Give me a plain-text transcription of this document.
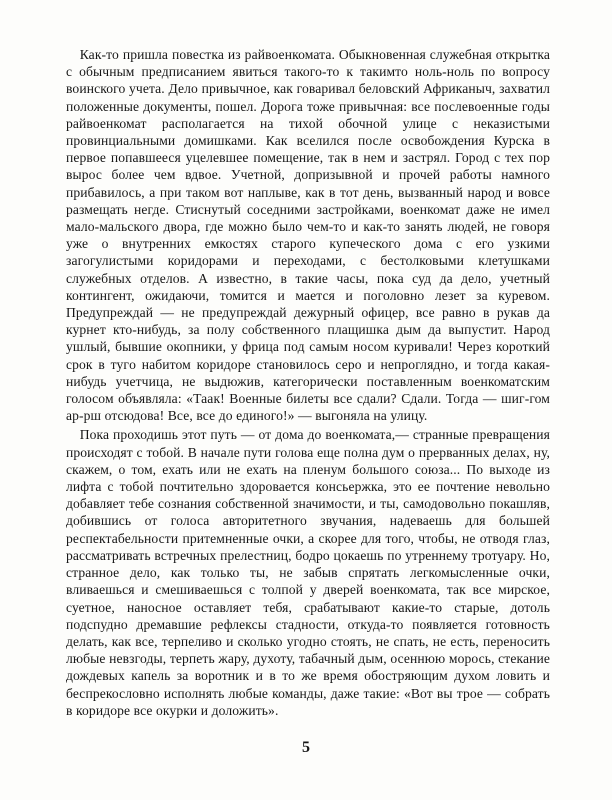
 Как-то пришла повестка из райвоенкомата. Обыкновенная служебная открытка с обычным предписанием явиться такого-то к такимто ноль-ноль по вопросу воинского учета. Дело привычное, как говаривал беловский Африканыч, захватил положенные документы, пошел. Дорога тоже привычная: все послевоенные годы райвоенкомат располагается на тихой обочной улице с неказистыми провинциальными домишками. Как вселился после освобождения Курска в первое попавшееся уцелевшее помещение, так в нем и застрял. Город с тех пор вырос более чем вдвое. Учетной, допризывной и прочей работы намного прибавилось, а при таком вот наплыве, как в тот день, вызванный народ и вовсе размещать негде. Стиснутый соседними застройками, военкомат даже не имел мало-мальского двора, где можно было чем-то и как-то занять людей, не говоря уже о внутренних емкостях старого купеческого дома с его узкими загогулистыми коридорами и переходами, с бестолковыми клетушками служебных отделов. А известно, в такие часы, пока суд да дело, учетный контингент, ожидаючи, томится и мается и поголовно лезет за куревом. Предупреждай — не предупреждай дежурный офицер, все равно в рукав да курнет кто-нибудь, за полу собственного плащишка дым да выпустит. Народ ушлый, бывшие окопники, у фрица под самым носом куривали! Через короткий срок в тугo набитом коридоре становилось серо и непроглядно, и тогда какая-нибудь учетчица, не выдюжив, категорически поставленным военкоматским голосом объявляла: «Таак! Военные билеты все сдали? Сдали. Тогда — шиг-гом ар-рш отсюдова! Все, все до единого!» — выгоняла на улицу.

 Пока проходишь этот путь — от дома до военкомата,— странные превращения происходят с тобой. В начале пути голова еще полна дум о прерванных делах, ну, скажем, о том, ехать или не ехать на пленум большого союза... По выходе из лифта с тобой почтительно здоровается консьержка, это ее почтение невольно добавляет тебе сознания собственной значимости, и ты, самодовольно покашляв, добившись от голоса авторитетного звучания, надеваешь для большей респектабельности притемненные очки, а скорее для того, чтобы, не отводя глаз, рассматривать встречных прелестниц, бодро цокаешь по утреннему тротуару. Но, странное дело, как только ты, не забыв спрятать легкомысленные очки, вливаешься и смешиваешься с толпой у дверей военкомата, так все мирское, суетное, наносное оставляет тебя, срабатывают какие-то старые, дотоль подспудно дремавшие рефлексы стадности, откуда-то появляется готовность делать, как все, терпеливо и сколько угодно стоять, не спать, не есть, переносить любые невзгоды, терпеть жару, духоту, табачный дым, осеннюю морось, стекание дождевых капель за воротник и в то же время обостряющим духом ловить и беспрекословно исполнять любые команды, даже такие: «Вот вы трое — собрать в коридоре все окурки и доложить».

5
